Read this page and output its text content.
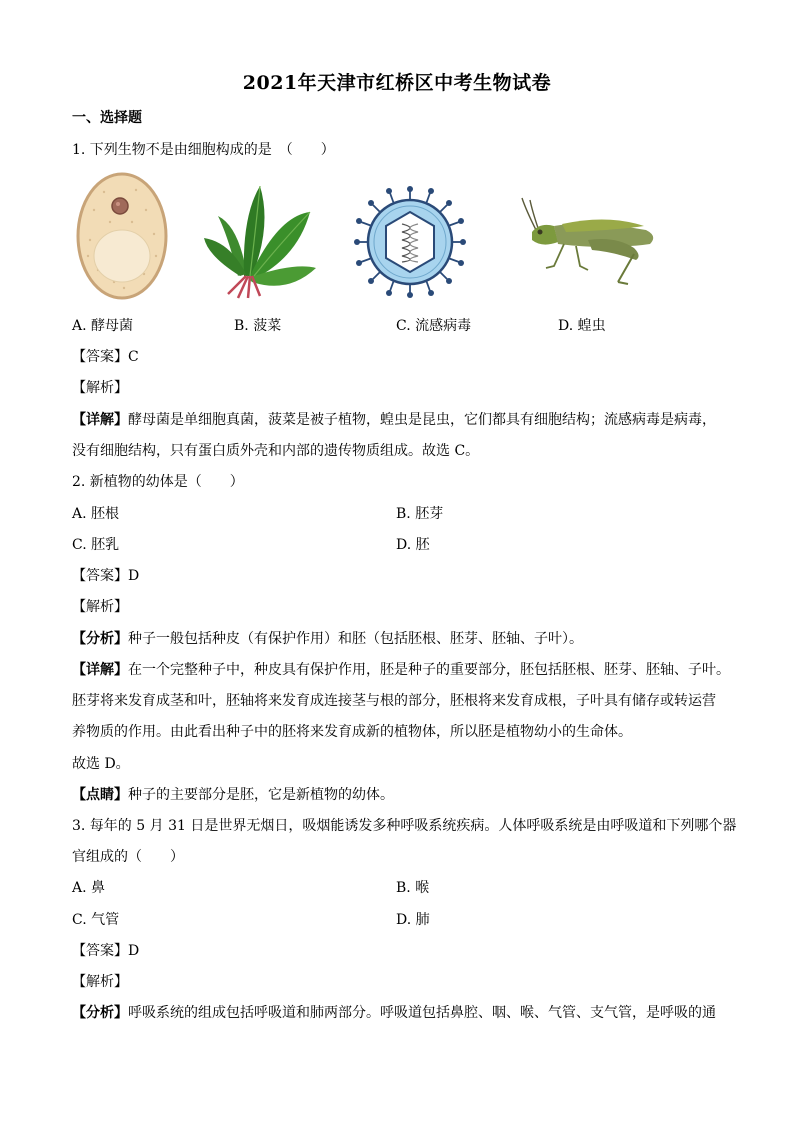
2021年天津市红桥区中考生物试卷
一、选择题
1. 下列生物不是由细胞构成的是　（　　）
A. 酵母菌	B. 菠菜	C. 流感病毒	D. 蝗虫
【答案】C
【解析】
【详解】酵母菌是单细胞真菌，菠菜是被子植物，蝗虫是昆虫，它们都具有细胞结构；流感病毒是病毒，
没有细胞结构，只有蛋白质外壳和内部的遗传物质组成。故选 C。
2. 新植物的幼体是（　　）
A. 胚根	B. 胚芽
C. 胚乳	D. 胚
【答案】D
【解析】
【分析】种子一般包括种皮（有保护作用）和胚（包括胚根、胚芽、胚轴、子叶）。
【详解】在一个完整种子中，种皮具有保护作用，胚是种子的重要部分，胚包括胚根、胚芽、胚轴、子叶。
胚芽将来发育成茎和叶，胚轴将来发育成连接茎与根的部分，胚根将来发育成根，子叶具有储存或转运营
养物质的作用。由此看出种子中的胚将来发育成新的植物体，所以胚是植物幼小的生命体。
故选 D。
【点睛】种子的主要部分是胚，它是新植物的幼体。
3. 每年的 5 月 31 日是世界无烟日，吸烟能诱发多种呼吸系统疾病。人体呼吸系统是由呼吸道和下列哪个器
官组成的（　　）
A. 鼻	B. 喉
C. 气管	D. 肺
【答案】D
【解析】
【分析】呼吸系统的组成包括呼吸道和肺两部分。呼吸道包括鼻腔、咽、喉、气管、支气管，是呼吸的通
